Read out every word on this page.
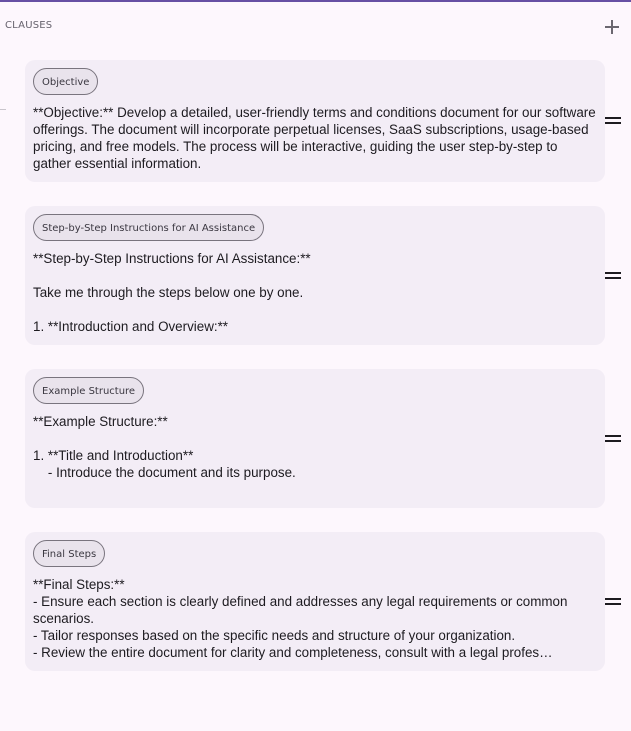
CLAUSES
Objective
**Objective:** Develop a detailed, user-friendly terms and conditions document for our software offerings. The document will incorporate perpetual licenses, SaaS subscriptions, usage-based pricing, and free models. The process will be interactive, guiding the user step-by-step to gather essential information.
Step-by-Step Instructions for AI Assistance
**Step-by-Step Instructions for AI Assistance:**

Take me through the steps below one by one.

1. **Introduction and Overview:**
Example Structure
**Example Structure:**

1. **Title and Introduction**
- Introduce the document and its purpose.
Final Steps
**Final Steps:**
- Ensure each section is clearly defined and addresses any legal requirements or common scenarios.
- Tailor responses based on the specific needs and structure of your organization.
- Review the entire document for clarity and completeness, consult with a legal profes…
